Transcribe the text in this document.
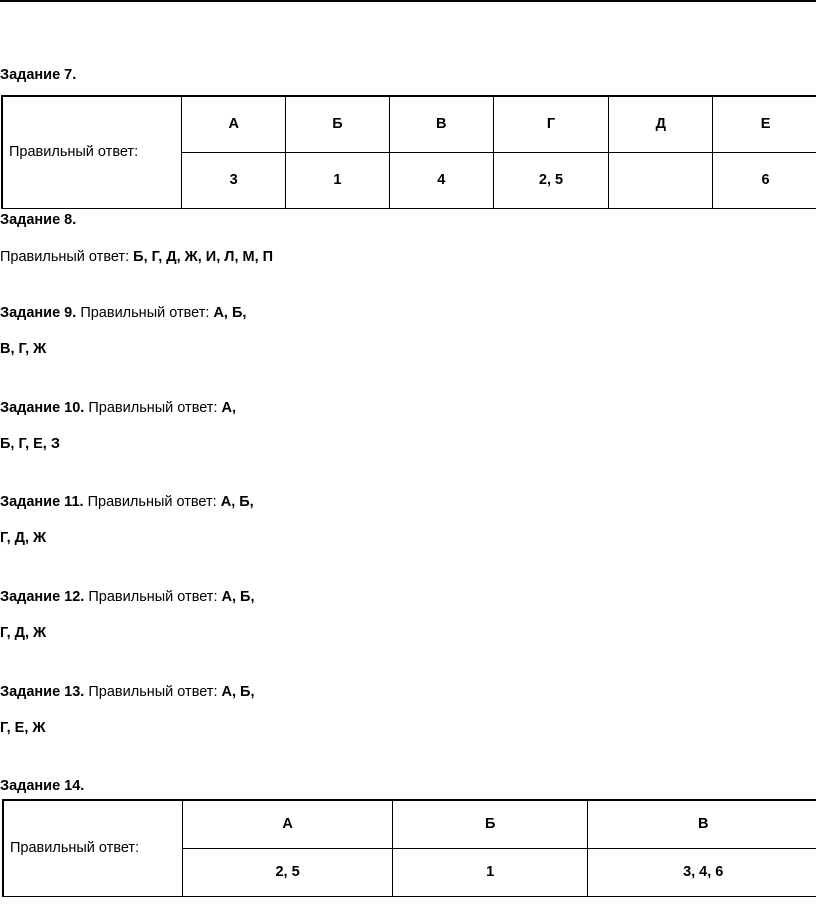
Задание 7.
Правильный ответ:	А	Б	В	Г	Д	Е
	3	1	4	2, 5		6
Задание 8.
Правильный ответ: Б, Г, Д, Ж, И, Л, М, П
Задание 9. Правильный ответ: А, Б,
В, Г, Ж
Задание 10. Правильный ответ: А,
Б, Г, Е, З
Задание 11. Правильный ответ: А, Б,
Г, Д, Ж
Задание 12. Правильный ответ: А, Б,
Г, Д, Ж
Задание 13. Правильный ответ: А, Б,
Г, Е, Ж
Задание 14.
Правильный ответ:	А	Б	В
	2, 5	1	3, 4, 6
